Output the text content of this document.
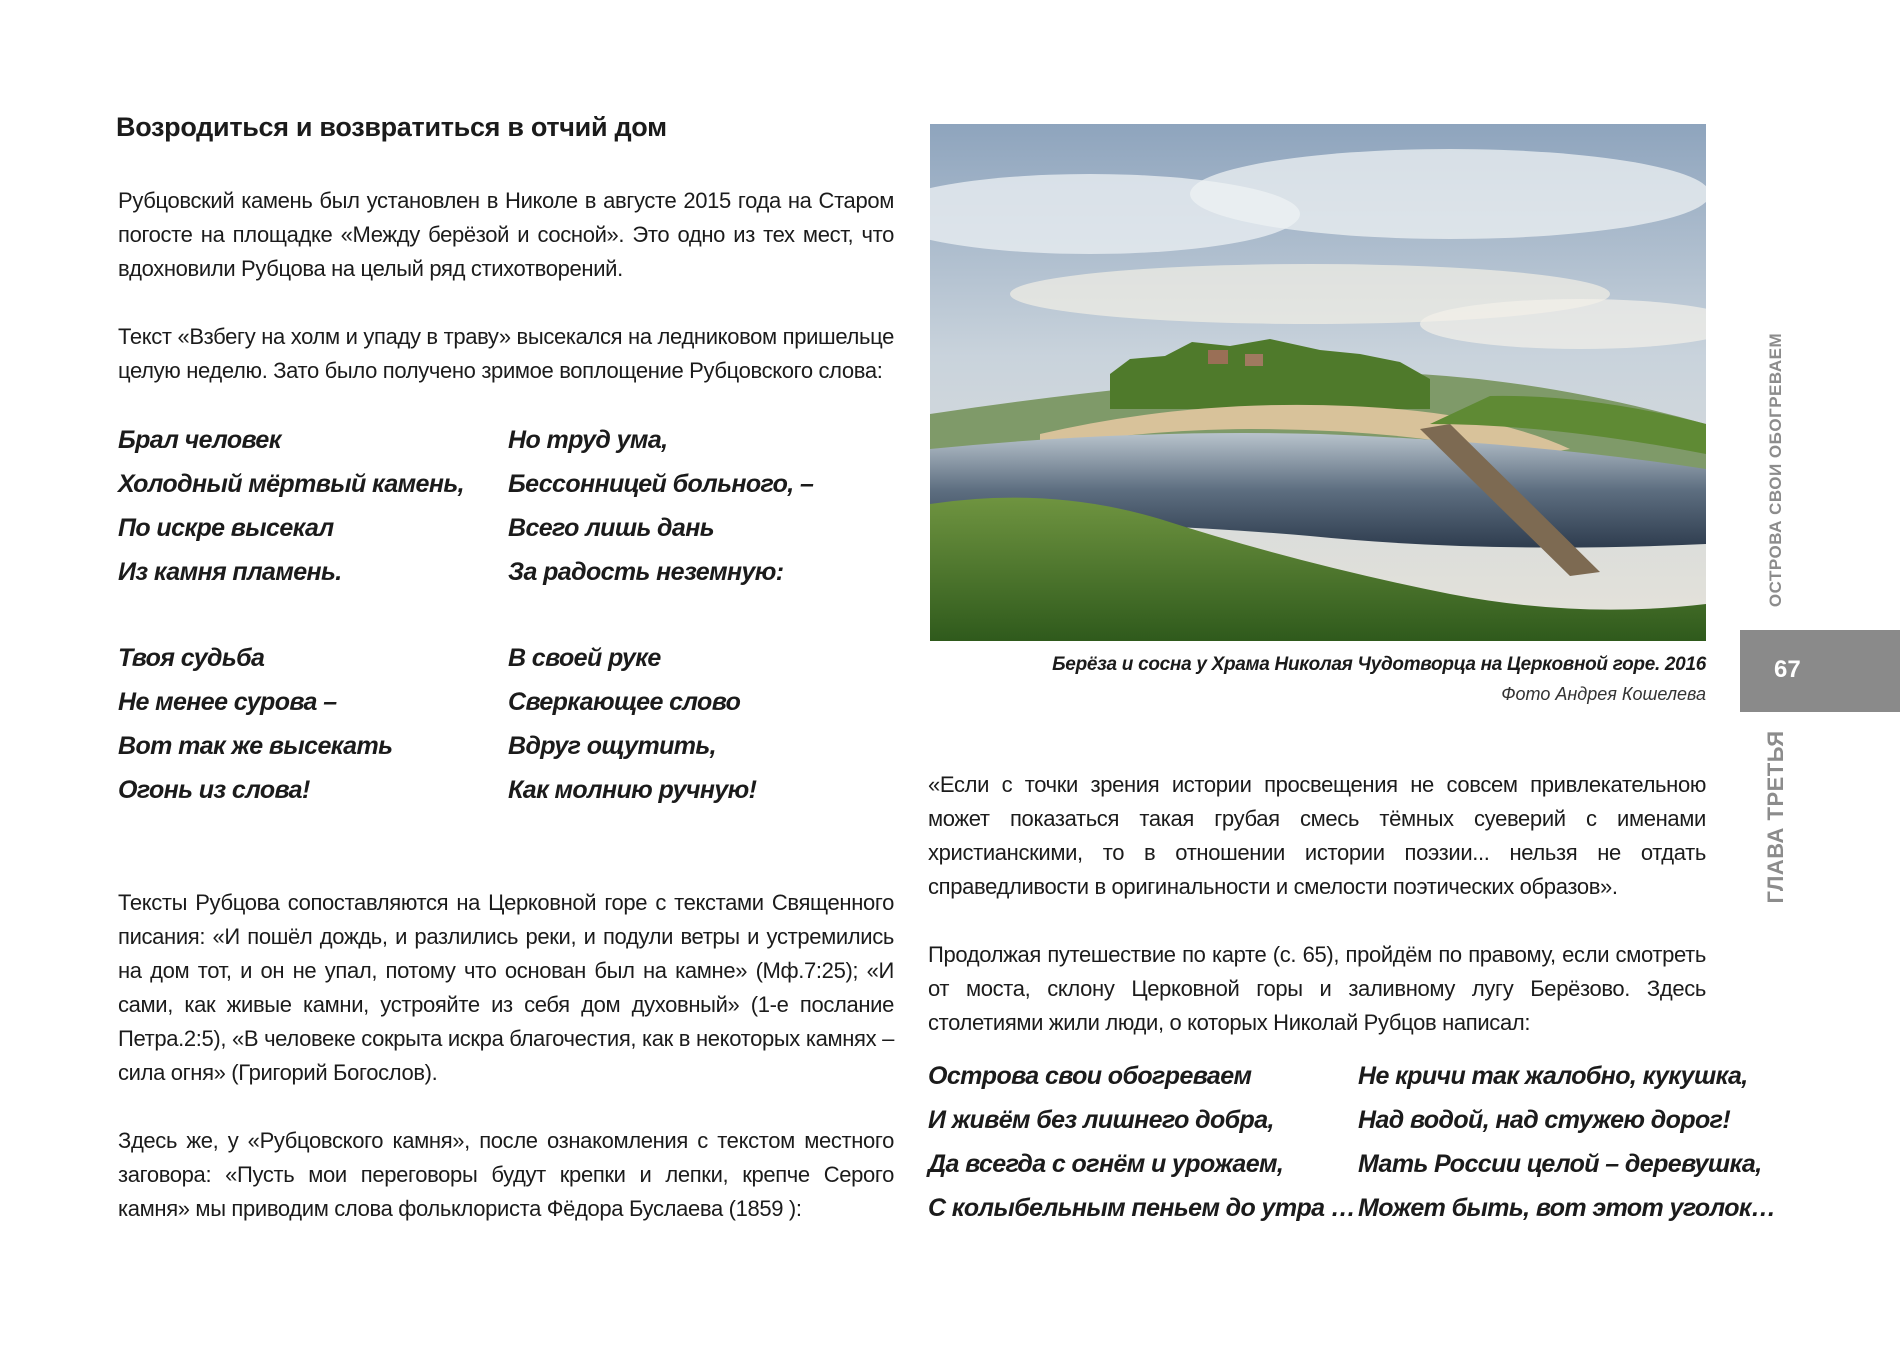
Возродиться и возвратиться в отчий дом

Рубцовский камень был установлен в Николе в августе 2015 года на Старом погосте на площадке «Между берёзой и сосной». Это одно из тех мест, что вдохновили Рубцова на целый ряд стихотворений.

Текст «Взбегу на холм и упаду в траву» высекался на ледниковом пришельце целую неделю. Зато было получено зримое воплощение Рубцовского слова:

Брал человек
Холодный мёртвый камень,
По искре высекал
Из камня пламень.
Но труд ума,
Бессонницей больного, –
Всего лишь дань
За радость неземную:
Твоя судьба
Не менее сурова –
Вот так же высекать
Огонь из слова!
В своей руке
Сверкающее слово
Вдруг ощутить,
Как молнию ручную!

Тексты Рубцова сопоставляются на Церковной горе с текстами Священного писания: «И пошёл дождь, и разлились реки, и подули ветры и устремились на дом тот, и он не упал, потому что основан был на камне» (Мф.7:25); «И сами, как живые камни, устрояйте из себя дом духовный» (1-е послание Петра.2:5), «В человеке сокрыта искра благочестия, как в некоторых камнях – сила огня» (Григорий Богослов).

Здесь же, у «Рубцовского камня», после ознакомления с текстом местного заговора: «Пусть мои переговоры будут крепки и лепки, крепче Серого камня» мы приводим слова фольклориста Фёдора Буслаева (1859 ):

Берёза и сосна у Храма Николая Чудотворца на Церковной горе. 2016

Фото Андрея Кошелева

«Если с точки зрения истории просвещения не совсем привлекательною может показаться такая грубая смесь тёмных суеверий с именами христианскими, то в отношении истории поэзии... нельзя не отдать справедливости в оригинальности и смелости поэтических образов».

Продолжая путешествие по карте (с. 65), пройдём по правому, если смотреть от моста, склону Церковной горы и заливному лугу Берёзово. Здесь столетиями жили люди, о которых Николай Рубцов написал:

Острова свои обогреваем
И живём без лишнего добра,
Да всегда с огнём и урожаем,
С колыбельным пеньем до утра …
Не кричи так жалобно, кукушка,
Над водой, над стужею дорог!
Мать России целой – деревушка,
Может быть, вот этот уголок…
ОСТРОВА СВОИ ОБОГРЕВАЕМ
67
ГЛАВА ТРЕТЬЯ
